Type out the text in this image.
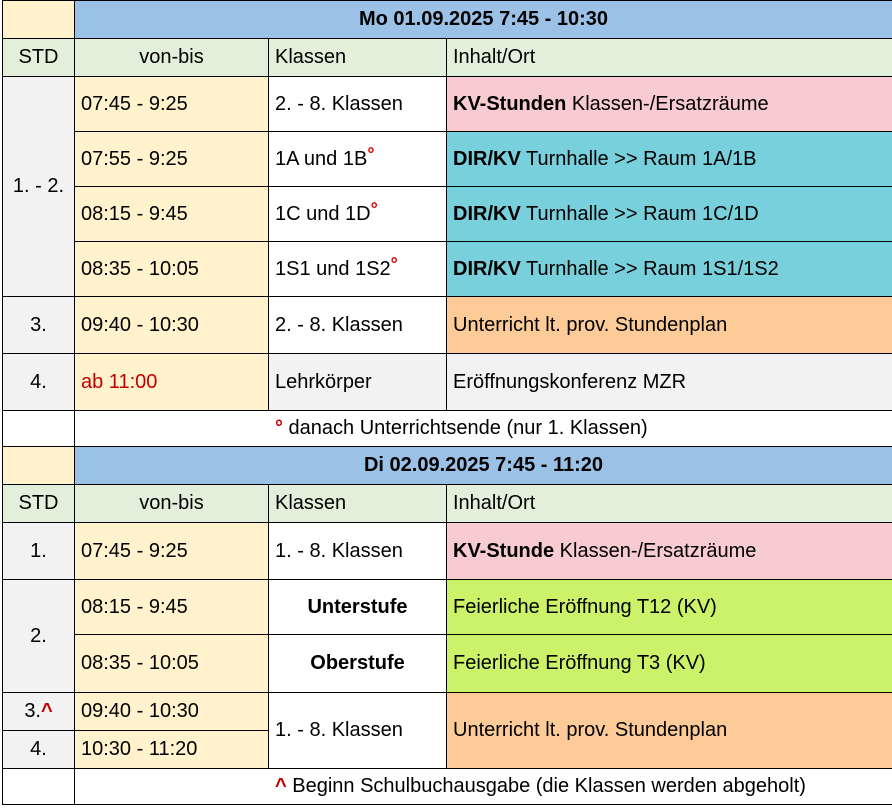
	Mo 01.09.2025 7:45 - 10:30		
STD	von-bis	Klassen	Inhalt/Ort
1. - 2.	07:45 - 9:25	2. - 8. Klassen	KV-Stunden Klassen-/Ersatzräume
	07:55 - 9:25	1A und 1B°	DIR/KV Turnhalle >> Raum 1A/1B
	08:15 - 9:45	1C und 1D°	DIR/KV Turnhalle >> Raum 1C/1D
	08:35 - 10:05	1S1 und 1S2°	DIR/KV Turnhalle >> Raum 1S1/1S2
3.	09:40 - 10:30	2. - 8. Klassen	Unterricht lt. prov. Stundenplan
4.	ab 11:00	Lehrkörper	Eröffnungskonferenz MZR
	° danach Unterrichtsende (nur 1. Klassen)		
	Di 02.09.2025 7:45 - 11:20		
STD	von-bis	Klassen	Inhalt/Ort
1.	07:45 - 9:25	1. - 8. Klassen	KV-Stunde Klassen-/Ersatzräume
2.	08:15 - 9:45	Unterstufe	Feierliche Eröffnung T12 (KV)
	08:35 - 10:05	Oberstufe	Feierliche Eröffnung T3 (KV)
3.^	09:40 - 10:30	1. - 8. Klassen	Unterricht lt. prov. Stundenplan
4.	10:30 - 11:20		
	^ Beginn Schulbuchausgabe (die Klassen werden abgeholt)		
